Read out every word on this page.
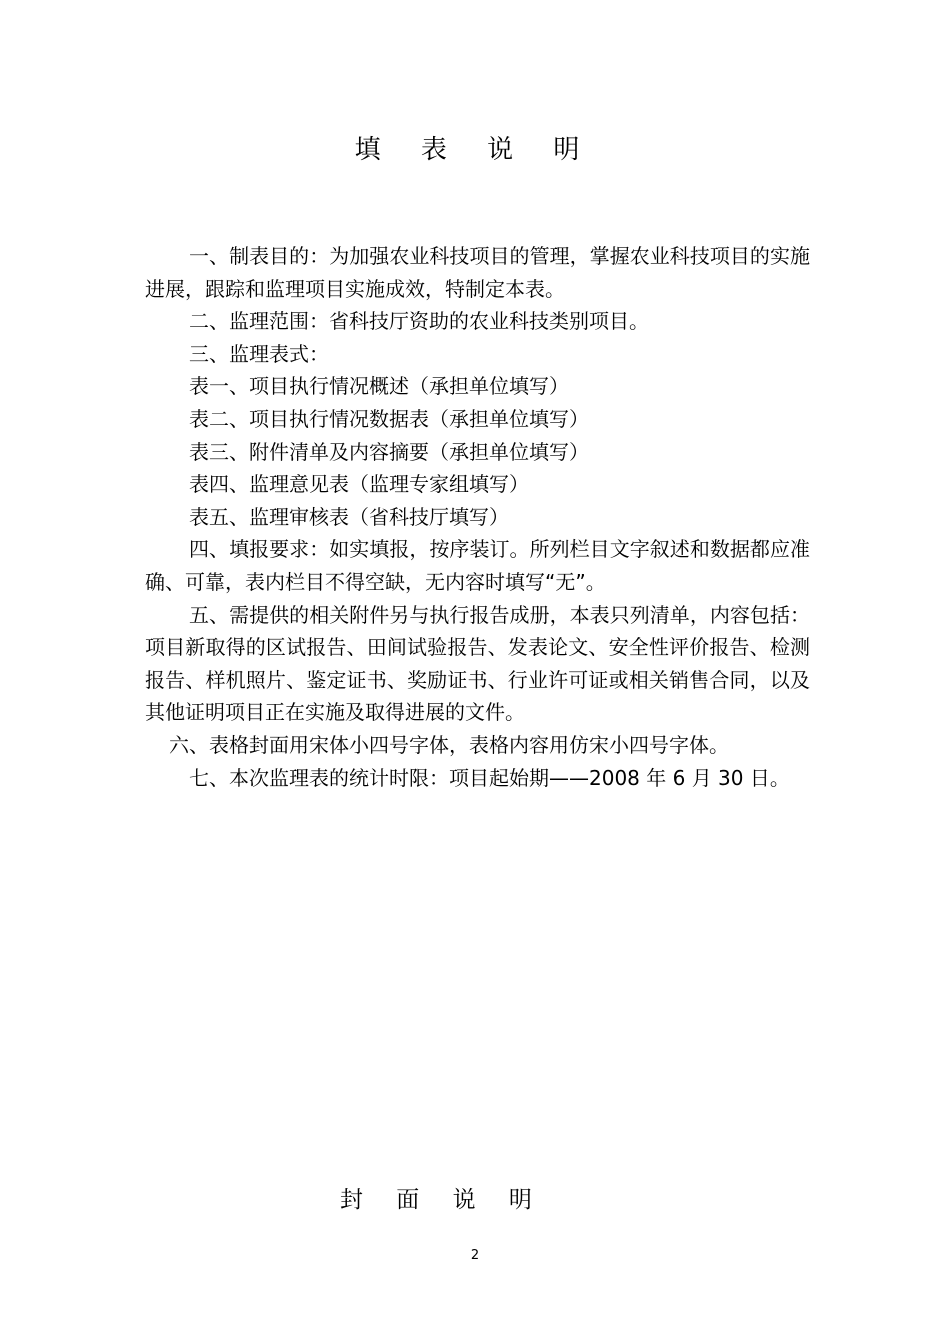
填 表 说 明

一、制表目的：为加强农业科技项目的管理，掌握农业科技项目的实施进展，跟踪和监理项目实施成效，特制定本表。

二、监理范围：省科技厅资助的农业科技类别项目。

三、监理表式：

表一、项目执行情况概述（承担单位填写）

表二、项目执行情况数据表（承担单位填写）

表三、附件清单及内容摘要（承担单位填写）

表四、监理意见表（监理专家组填写）

表五、监理审核表（省科技厅填写）

四、填报要求：如实填报，按序装订。所列栏目文字叙述和数据都应准确、可靠，表内栏目不得空缺，无内容时填写“无”。

五、需提供的相关附件另与执行报告成册，本表只列清单，内容包括：项目新取得的区试报告、田间试验报告、发表论文、安全性评价报告、检测报告、样机照片、鉴定证书、奖励证书、行业许可证或相关销售合同，以及其他证明项目正在实施及取得进展的文件。

六、表格封面用宋体小四号字体，表格内容用仿宋小四号字体。

七、本次监理表的统计时限：项目起始期——2008 年 6 月 30 日。

封 面 说 明
2
